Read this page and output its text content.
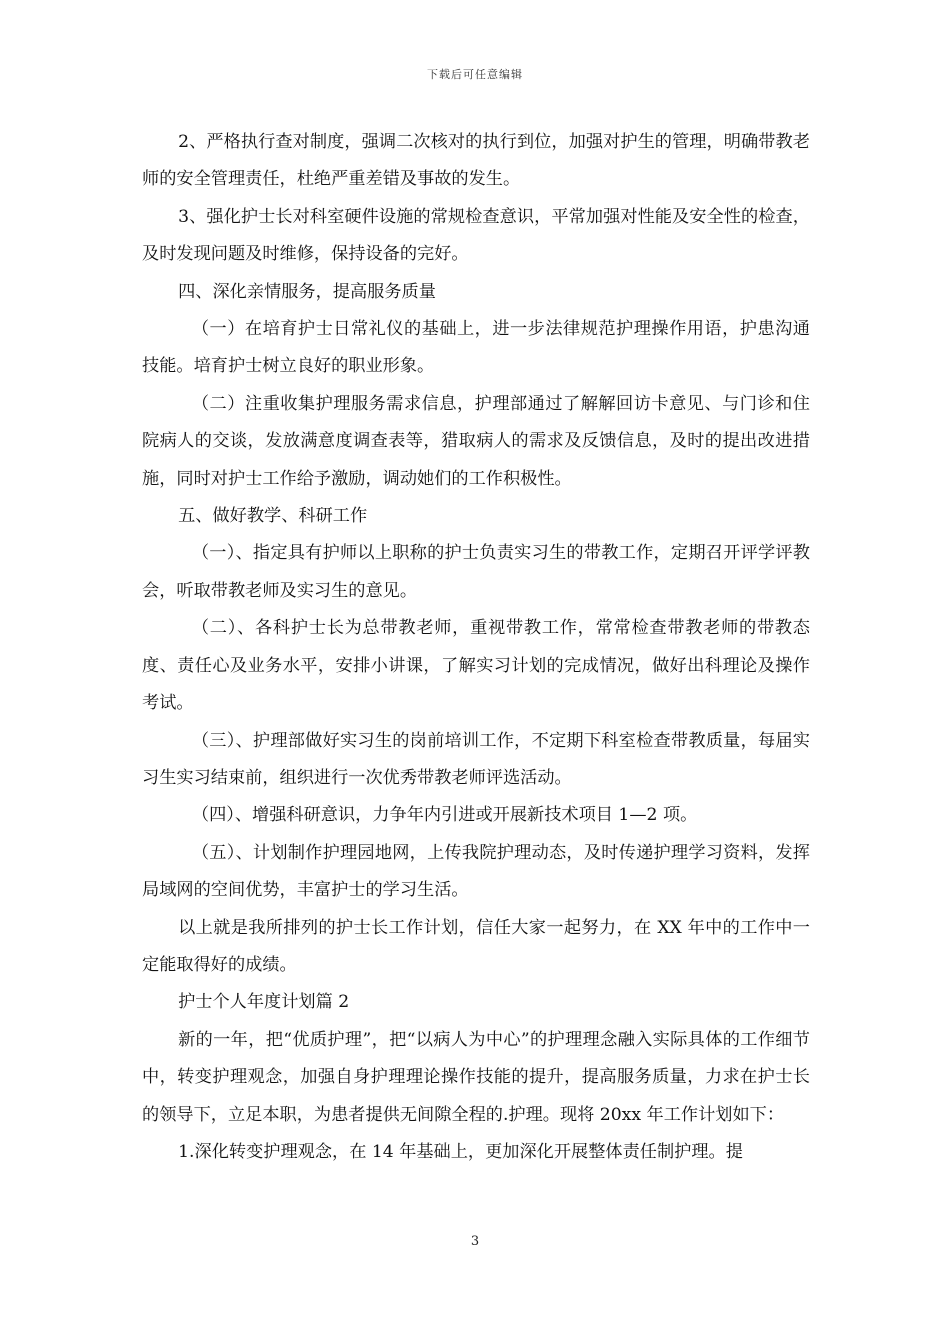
下载后可任意编辑

2、严格执行查对制度，强调二次核对的执行到位，加强对护生的管理，明确带教老师的安全管理责任，杜绝严重差错及事故的发生。

3、强化护士长对科室硬件设施的常规检查意识，平常加强对性能及安全性的检查，及时发现问题及时维修，保持设备的完好。

四、深化亲情服务，提高服务质量

（一）在培育护士日常礼仪的基础上，进一步法律规范护理操作用语，护患沟通技能。培育护士树立良好的职业形象。

（二）注重收集护理服务需求信息，护理部通过了解解回访卡意见、与门诊和住院病人的交谈，发放满意度调查表等，猎取病人的需求及反馈信息，及时的提出改进措施，同时对护士工作给予激励，调动她们的工作积极性。

五、做好教学、科研工作

（一）、指定具有护师以上职称的护士负责实习生的带教工作，定期召开评学评教会，听取带教老师及实习生的意见。

（二）、各科护士长为总带教老师，重视带教工作，常常检查带教老师的带教态度、责任心及业务水平，安排小讲课，了解实习计划的完成情况，做好出科理论及操作考试。

（三）、护理部做好实习生的岗前培训工作，不定期下科室检查带教质量，每届实习生实习结束前，组织进行一次优秀带教老师评选活动。

（四）、增强科研意识，力争年内引进或开展新技术项目 1—2 项。

（五）、计划制作护理园地网，上传我院护理动态，及时传递护理学习资料，发挥局域网的空间优势，丰富护士的学习生活。

以上就是我所排列的护士长工作计划，信任大家一起努力，在 XX 年中的工作中一定能取得好的成绩。

护士个人年度计划篇 2

新的一年，把“优质护理”，把“以病人为中心”的护理理念融入实际具体的工作细节中，转变护理观念，加强自身护理理论操作技能的提升，提高服务质量，力求在护士长的领导下，立足本职，为患者提供无间隙全程的.护理。现将 20xx 年工作计划如下：

1.深化转变护理观念，在 14 年基础上，更加深化开展整体责任制护理。提

3
